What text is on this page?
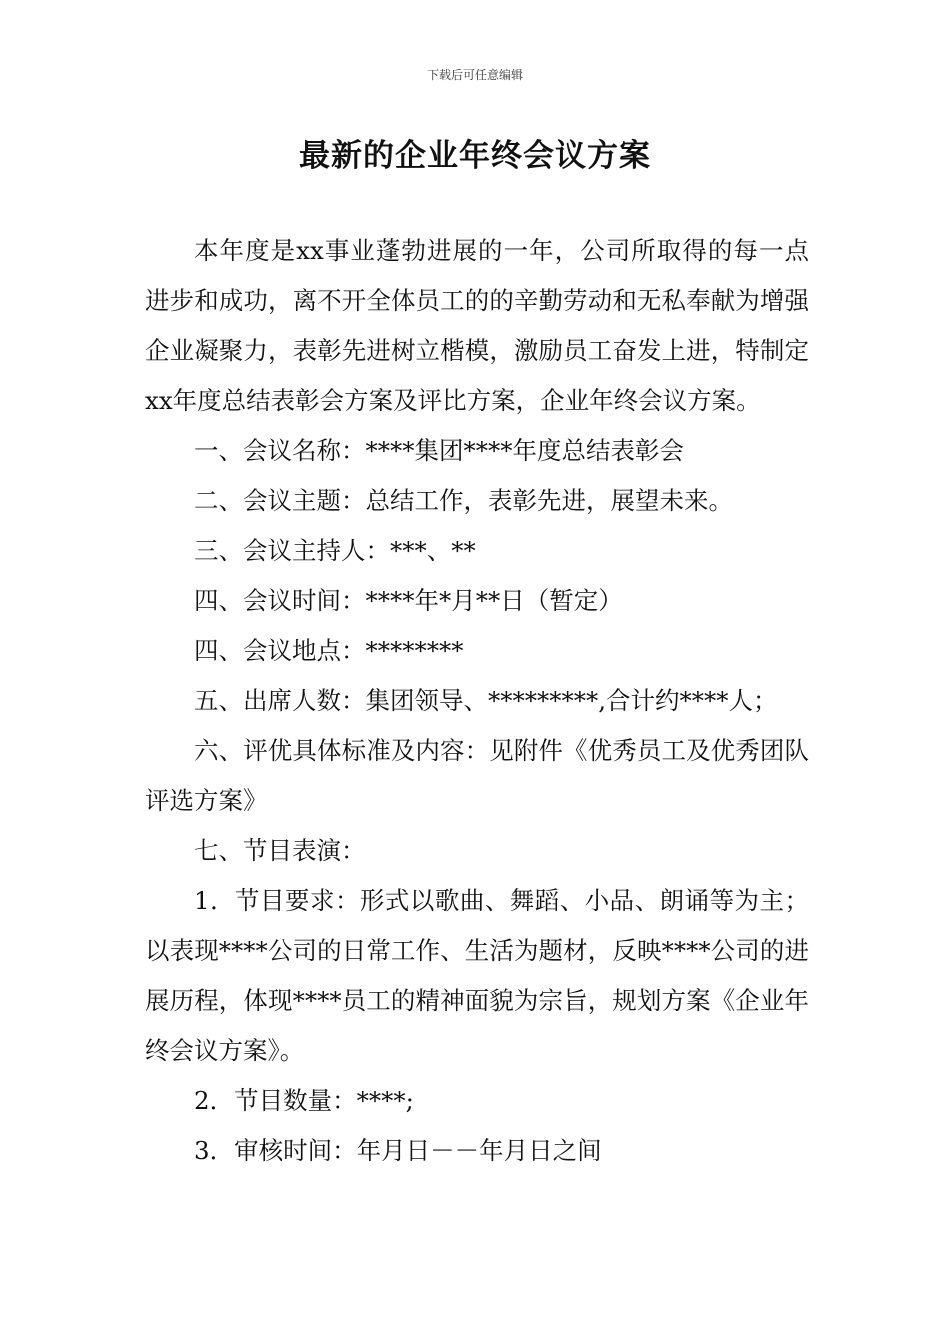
下载后可任意编辑
最新的企业年终会议方案

本年度是xx事业蓬勃进展的一年，公司所取得的每一点进步和成功，离不开全体员工的的辛勤劳动和无私奉献为增强企业凝聚力，表彰先进树立楷模，激励员工奋发上进，特制定xx年度总结表彰会方案及评比方案，企业年终会议方案。

一、会议名称：****集团****年度总结表彰会

二、会议主题：总结工作，表彰先进，展望未来。

三、会议主持人：***、**

四、会议时间：****年*月**日（暂定）

四、会议地点：********

五、出席人数：集团领导、*********,合计约****人；

六、评优具体标准及内容：见附件《优秀员工及优秀团队评选方案》

七、节目表演：

1．节目要求：形式以歌曲、舞蹈、小品、朗诵等为主；以表现****公司的日常工作、生活为题材，反映****公司的进展历程，体现****员工的精神面貌为宗旨，规划方案《企业年终会议方案》。

2．节目数量：****;

3．审核时间：年月日－－年月日之间
